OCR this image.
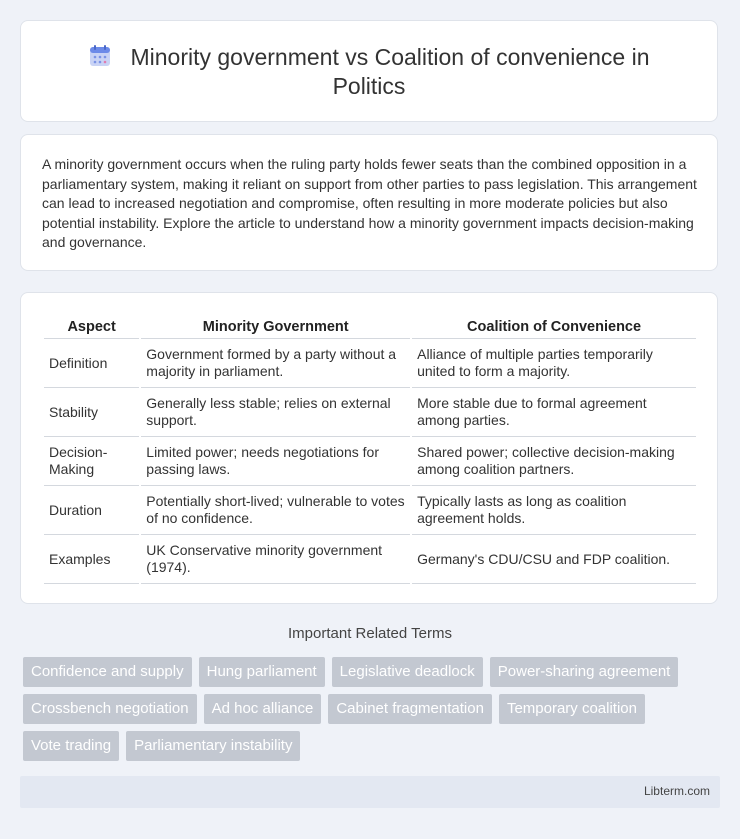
Minority government vs Coalition of convenience in Politics
A minority government occurs when the ruling party holds fewer seats than the combined opposition in a parliamentary system, making it reliant on support from other parties to pass legislation. This arrangement can lead to increased negotiation and compromise, often resulting in more moderate policies but also potential instability. Explore the article to understand how a minority government impacts decision-making and governance.
Aspect	Minority Government	Coalition of Convenience
Definition	Government formed by a party without a majority in parliament.	Alliance of multiple parties temporarily united to form a majority.
Stability	Generally less stable; relies on external support.	More stable due to formal agreement among parties.
Decision-Making	Limited power; needs negotiations for passing laws.	Shared power; collective decision-making among coalition partners.
Duration	Potentially short-lived; vulnerable to votes of no confidence.	Typically lasts as long as coalition agreement holds.
Examples	UK Conservative minority government (1974).	Germany's CDU/CSU and FDP coalition.
Important Related Terms
Confidence and supply	Hung parliament	Legislative deadlock	Power-sharing agreement
Crossbench negotiation	Ad hoc alliance	Cabinet fragmentation	Temporary coalition
Vote trading	Parliamentary instability
Libterm.com
